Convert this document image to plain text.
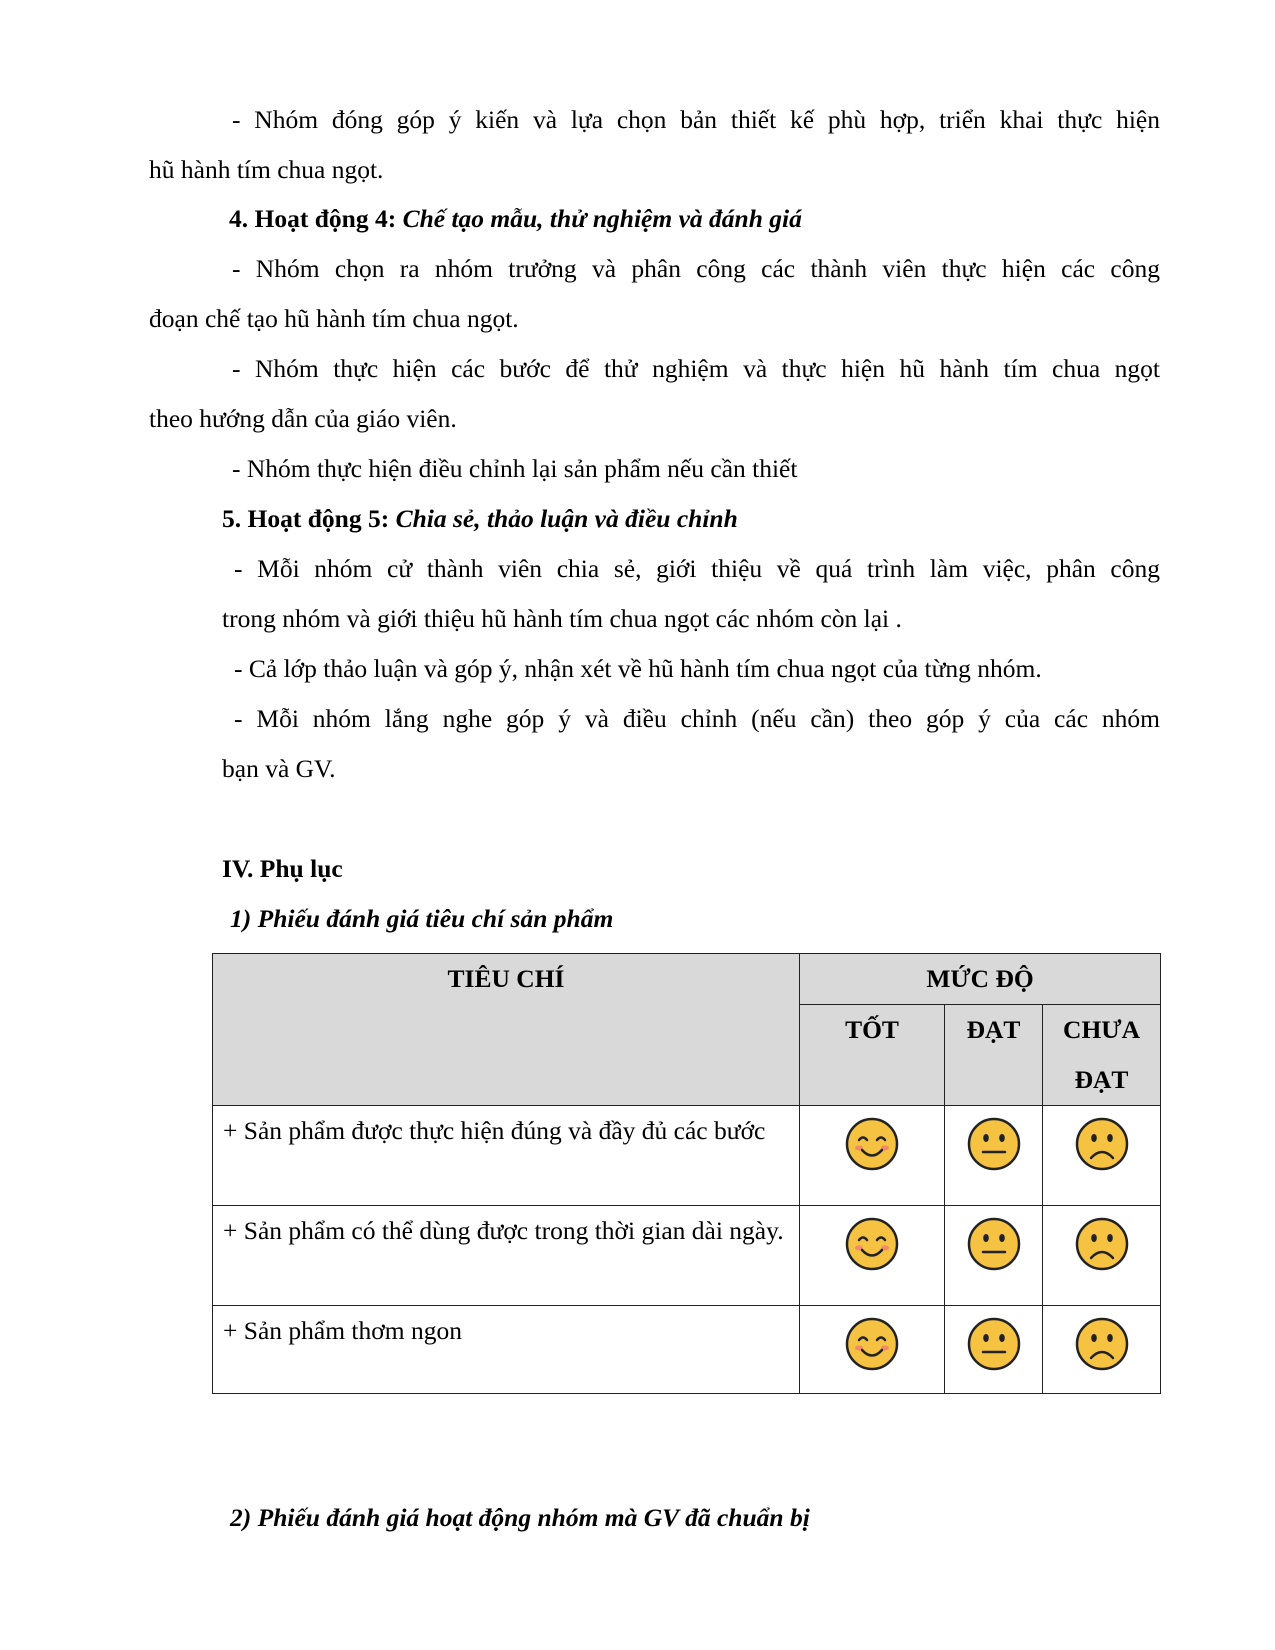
- Nhóm đóng góp ý kiến và lựa chọn bản thiết kế phù hợp, triển khai thực hiện
hũ hành tím chua ngọt.
4. Hoạt động 4: Chế tạo mẫu, thử nghiệm và đánh giá
- Nhóm chọn ra nhóm trưởng và phân công các thành viên thực hiện các công
đoạn chế tạo hũ hành tím chua ngọt.
- Nhóm thực hiện các bước để thử nghiệm và thực hiện hũ hành tím chua ngọt
theo hướng dẫn của giáo viên.
- Nhóm thực hiện điều chỉnh lại sản phẩm nếu cần thiết
5. Hoạt động 5: Chia sẻ, thảo luận và điều chỉnh
- Mỗi nhóm cử thành viên chia sẻ, giới thiệu về quá trình làm việc, phân công
trong nhóm và giới thiệu hũ hành tím chua ngọt các nhóm còn lại .
- Cả lớp thảo luận và góp ý, nhận xét về hũ hành tím chua ngọt của từng nhóm.
- Mỗi nhóm lắng nghe góp ý và điều chỉnh (nếu cần) theo góp ý của các nhóm
bạn và GV.
IV. Phụ lục
1) Phiếu đánh giá tiêu chí sản phẩm
TIÊU CHÍ	MỨC ĐỘ		
	TỐT	ĐẠT	CHƯA ĐẠT
+ Sản phẩm được thực hiện đúng và đầy đủ các bước			
+ Sản phẩm có thể dùng được trong thời gian dài ngày.			
+ Sản phẩm thơm ngon			
2) Phiếu đánh giá hoạt động nhóm mà GV đã chuẩn bị
